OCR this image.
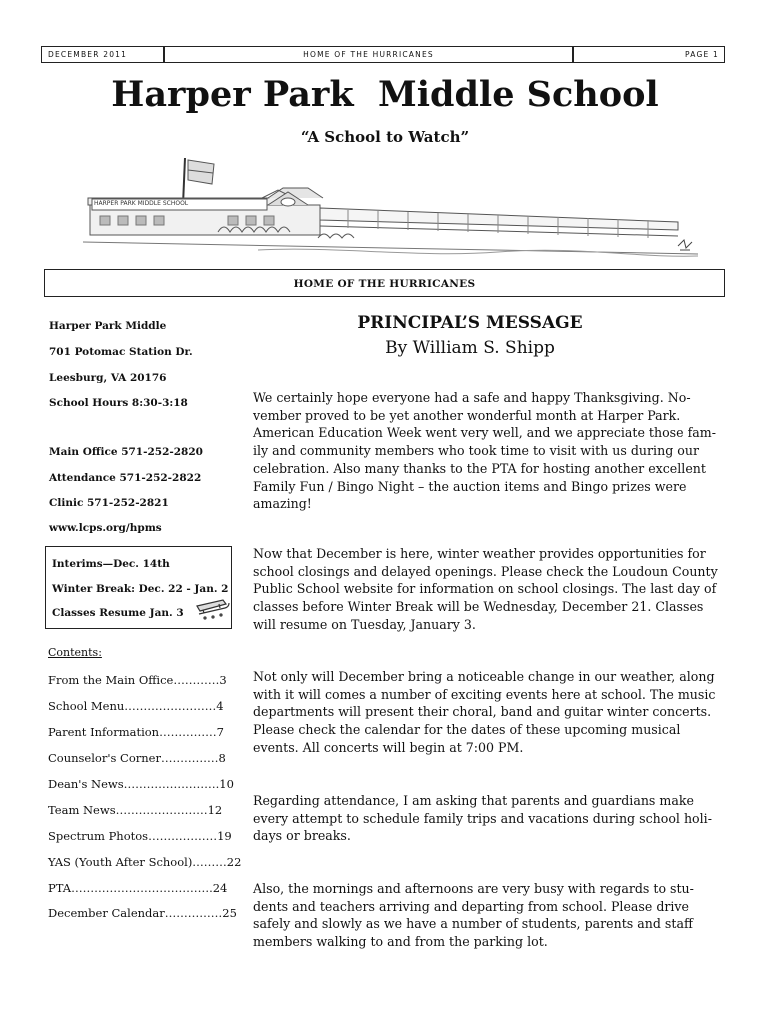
DECEMBER 2011	HOME OF THE HURRICANES	PAGE 1
Harper Park  Middle School
“A School to Watch”
HARPER PARK MIDDLE SCHOOL
HOME OF THE HURRICANES
Harper Park Middle
701 Potomac Station Dr.
Leesburg, VA 20176
School Hours 8:30-3:18
Main Office 571-252-2820
Attendance 571-252-2822
Clinic 571-252-2821
www.lcps.org/hpms
Interims—Dec. 14th
Winter Break: Dec. 22 - Jan. 2
Classes Resume Jan. 3
Contents:
From the Main Office…………3
School Menu……………………4
Parent Information……………7
Counselor's Corner……………8
Dean's News…………………….10
Team News……………………12
Spectrum Photos………………19
YAS (Youth After School)………22
PTA……………………………….24
December Calendar……………25
PRINCIPAL’S MESSAGE
By William S. Shipp
We certainly hope everyone had a safe and happy Thanksgiving. No-
vember proved to be yet another wonderful month at Harper Park.
American Education Week went very well, and we appreciate those fam-
ily and community members who took time to visit with us during our
celebration. Also many thanks to the PTA for hosting another excellent
Family Fun / Bingo Night – the auction items and Bingo prizes were
amazing!
Now that December is here, winter weather provides opportunities for
school closings and delayed openings. Please check the Loudoun County
Public School website for information on school closings. The last day of
classes before Winter Break will be Wednesday, December 21. Classes
will resume on Tuesday, January 3.
Not only will December bring a noticeable change in our weather, along
with it will comes a number of exciting events here at school. The music
departments will present their choral, band and guitar winter concerts.
Please check the calendar for the dates of these upcoming musical
events. All concerts will begin at 7:00 PM.
Regarding attendance, I am asking that parents and guardians make
every attempt to schedule family trips and vacations during school holi-
days or breaks.
Also, the mornings and afternoons are very busy with regards to stu-
dents and teachers arriving and departing from school. Please drive
safely and slowly as we have a number of students, parents and staff
members walking to and from the parking lot.
